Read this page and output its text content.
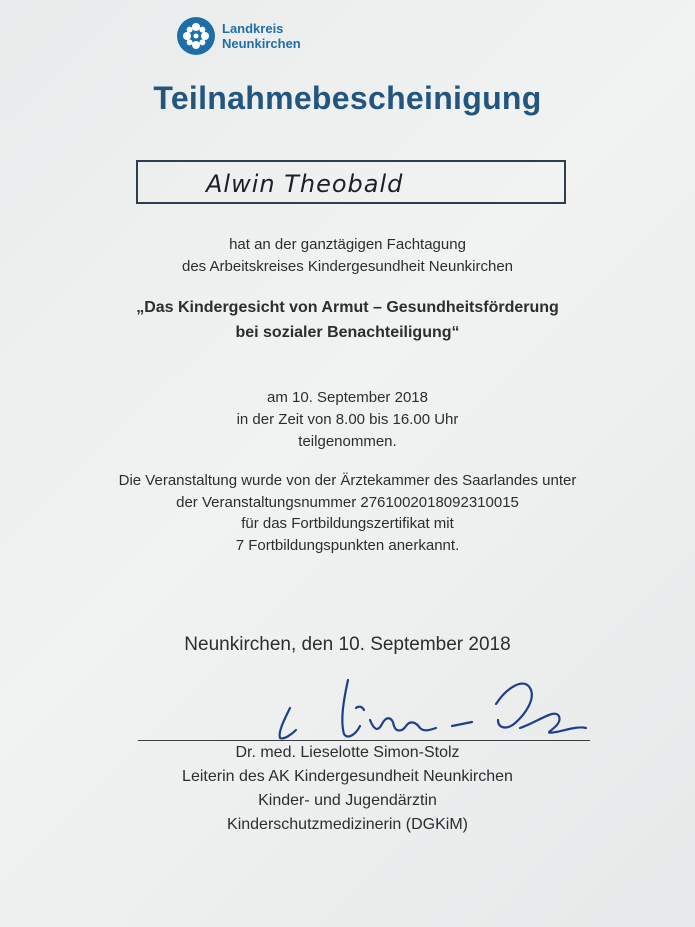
Landkreis
Neunkirchen
Teilnahmebescheinigung
Alwin Theobald
hat an der ganztägigen Fachtagung
des Arbeitskreises Kindergesundheit Neunkirchen
„Das Kindergesicht von Armut – Gesundheitsförderung
bei sozialer Benachteiligung“
am 10. September 2018
in der Zeit von 8.00 bis 16.00 Uhr
teilgenommen.
Die Veranstaltung wurde von der Ärztekammer des Saarlandes unter
der Veranstaltungsnummer 2761002018092310015
für das Fortbildungszertifikat mit
7 Fortbildungspunkten anerkannt.
Neunkirchen, den 10. September 2018
Dr. med. Lieselotte Simon-Stolz
Leiterin des AK Kindergesundheit Neunkirchen
Kinder- und Jugendärztin
Kinderschutzmedizinerin (DGKiM)
